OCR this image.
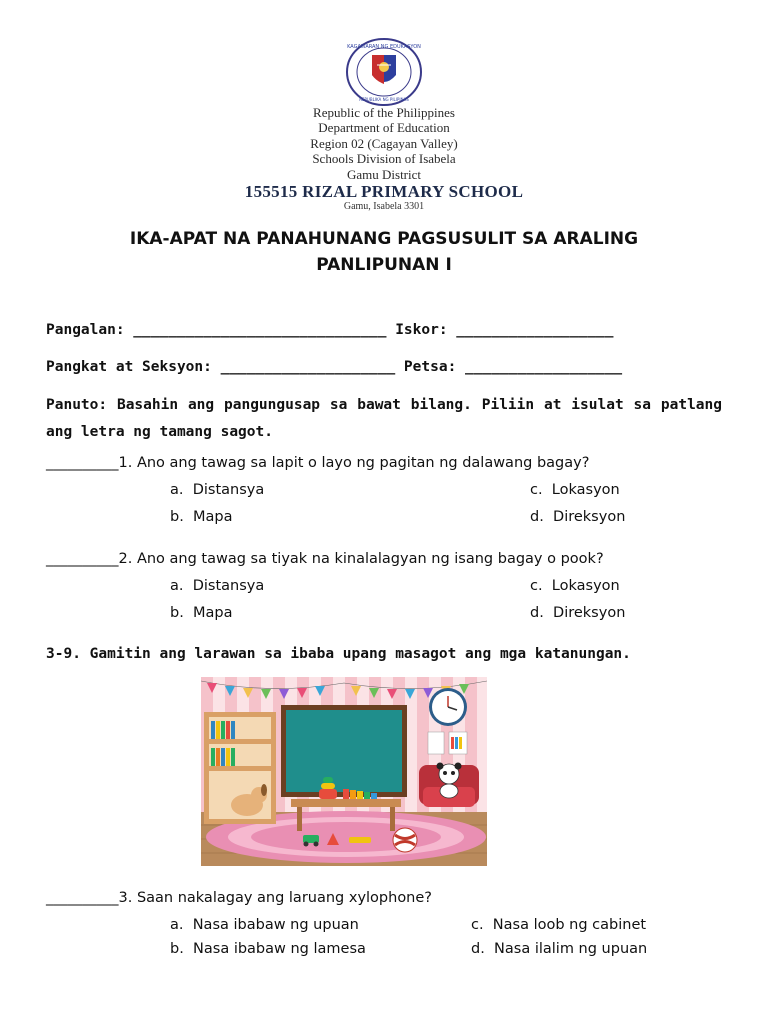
KAGAWARAN NG EDUKASYON
REPUBLIKA NG PILIPINAS
Republic of the Philippines
Department of Education
Region 02 (Cagayan Valley)
Schools Division of Isabela
Gamu District
155515 RIZAL PRIMARY SCHOOL
Gamu, Isabela 3301
IKA-APAT NA PANAHUNANG PAGSUSULIT SA ARALING
PANLIPUNAN I
Pangalan: _____________________________ Iskor: __________________
Pangkat at Seksyon: ____________________ Petsa: __________________
Panuto: Basahin ang pangungusap sa bawat bilang. Piliin at isulat sa patlang ang letra ng tamang sagot.
__________1. Ano ang tawag sa lapit o layo ng pagitan ng dalawang bagay?
a.  Distansya
b.  Mapa
c.  Lokasyon
d.  Direksyon
__________2. Ano ang tawag sa tiyak na kinalalagyan ng isang bagay o pook?
a.  Distansya
b.  Mapa
c.  Lokasyon
d.  Direksyon
3-9. Gamitin ang larawan sa ibaba upang masagot ang mga katanungan.
__________3. Saan nakalagay ang laruang xylophone?
a.  Nasa ibabaw ng upuan
b.  Nasa ibabaw ng lamesa
c.  Nasa loob ng cabinet
d.  Nasa ilalim ng upuan
